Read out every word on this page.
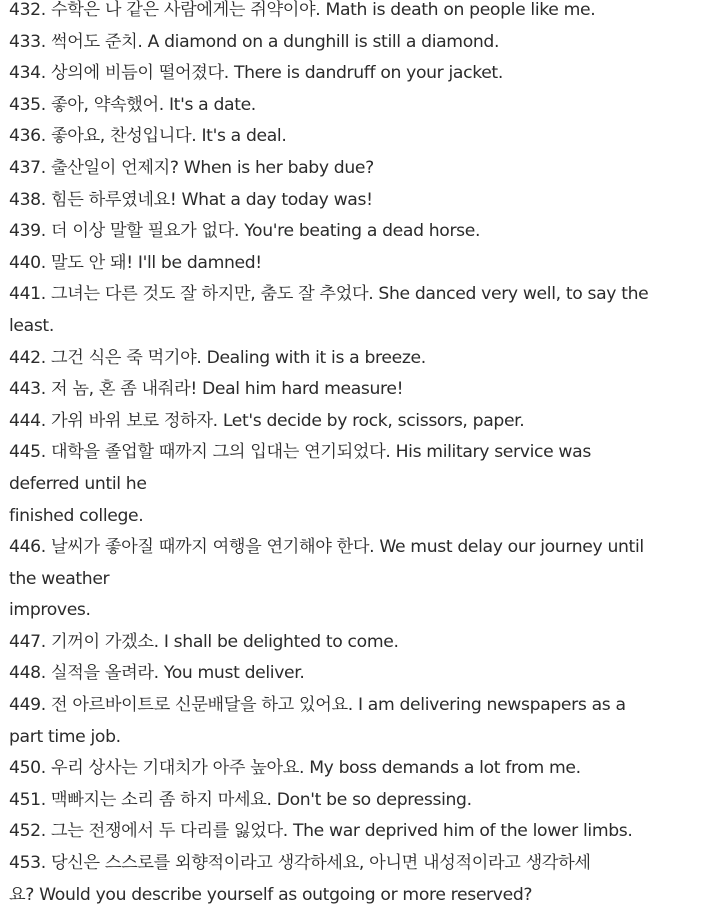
432. 수학은 나 같은 사람에게는 쥐약이야. Math is death on people like me.
433. 썩어도 준치. A diamond on a dunghill is still a diamond.
434. 상의에 비듬이 떨어졌다. There is dandruff on your jacket.
435. 좋아, 약속했어. It's a date.
436. 좋아요, 찬성입니다. It's a deal.
437. 출산일이 언제지? When is her baby due?
438. 힘든 하루였네요! What a day today was!
439. 더 이상 말할 필요가 없다. You're beating a dead horse.
440. 말도 안 돼! I'll be damned!
441. 그녀는 다른 것도 잘 하지만, 춤도 잘 추었다. She danced very well, to say the
least.
442. 그건 식은 죽 먹기야. Dealing with it is a breeze.
443. 저 놈, 혼 좀 내줘라! Deal him hard measure!
444. 가위 바위 보로 정하자. Let's decide by rock, scissors, paper.
445. 대학을 졸업할 때까지 그의 입대는 연기되었다. His military service was
deferred until he
finished college.
446. 날씨가 좋아질 때까지 여행을 연기해야 한다. We must delay our journey until
the weather
improves.
447. 기꺼이 가겠소. I shall be delighted to come.
448. 실적을 올려라. You must deliver.
449. 전 아르바이트로 신문배달을 하고 있어요. I am delivering newspapers as a
part time job.
450. 우리 상사는 기대치가 아주 높아요. My boss demands a lot from me.
451. 맥빠지는 소리 좀 하지 마세요. Don't be so depressing.
452. 그는 전쟁에서 두 다리를 잃었다. The war deprived him of the lower limbs.
453. 당신은 스스로를 외향적이라고 생각하세요, 아니면 내성적이라고 생각하세
요? Would you describe yourself as outgoing or more reserved?
